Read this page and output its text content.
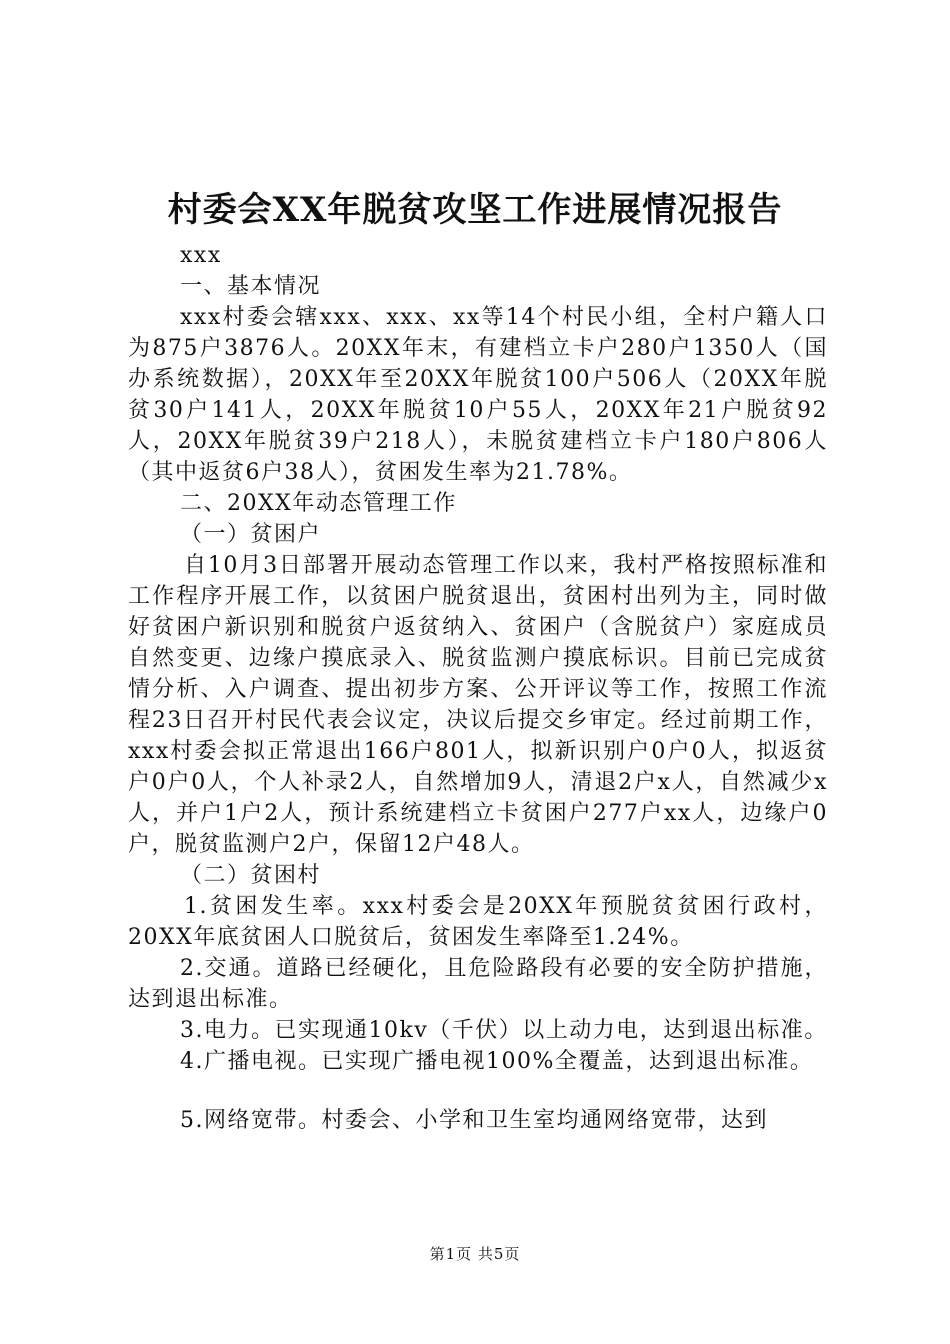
村委会XX年脱贫攻坚工作进展情况报告

xxx

一、基本情况

xxx村委会辖xxx、xxx、xx等14个村民小组，全村户籍人口为875户3876人。20XX年末，有建档立卡户280户1350人（国办系统数据），20XX年至20XX年脱贫100户506人（20XX年脱贫30户141人，20XX年脱贫10户55人，20XX年21户脱贫92人，20XX年脱贫39户218人），未脱贫建档立卡户180户806人（其中返贫6户38人），贫困发生率为21.78%。

二、20XX年动态管理工作

（一）贫困户

自10月3日部署开展动态管理工作以来，我村严格按照标准和工作程序开展工作，以贫困户脱贫退出，贫困村出列为主，同时做好贫困户新识别和脱贫户返贫纳入、贫困户（含脱贫户）家庭成员自然变更、边缘户摸底录入、脱贫监测户摸底标识。目前已完成贫情分析、入户调查、提出初步方案、公开评议等工作，按照工作流程23日召开村民代表会议定，决议后提交乡审定。经过前期工作，xxx村委会拟正常退出166户801人，拟新识别户0户0人，拟返贫户0户0人，个人补录2人，自然增加9人，清退2户x人，自然减少x人，并户1户2人，预计系统建档立卡贫困户277户xx人，边缘户0户，脱贫监测户2户，保留12户48人。

（二）贫困村

1.贫困发生率。xxx村委会是20XX年预脱贫贫困行政村，20XX年底贫困人口脱贫后，贫困发生率降至1.24%。

2.交通。道路已经硬化，且危险路段有必要的安全防护措施，达到退出标准。

3.电力。已实现通10kv（千伏）以上动力电，达到退出标准。

4.广播电视。已实现广播电视100%全覆盖，达到退出标准。

5.网络宽带。村委会、小学和卫生室均通网络宽带，达到

第1页 共5页
